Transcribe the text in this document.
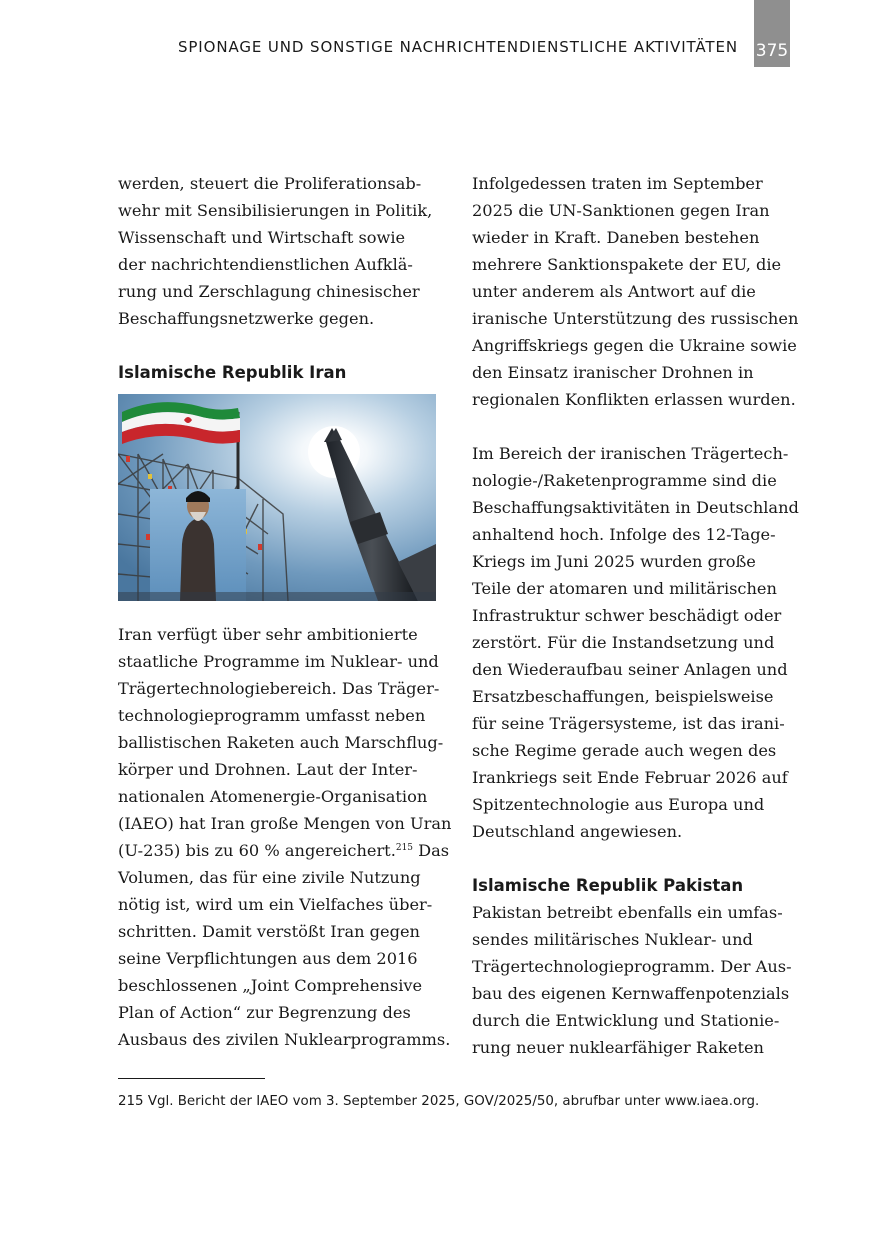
SPIONAGE UND SONSTIGE NACHRICHTENDIENSTLICHE AKTIVITÄTEN 375
werden, steuert die Proliferationsab-
wehr mit Sensibilisierungen in Politik,
Wissenschaft und Wirtschaft sowie
der nachrichtendienstlichen Aufklä-
rung und Zerschlagung chinesischer
Beschaffungsnetzwerke gegen.
Islamische Republik Iran
Iran verfügt über sehr ambitionierte
staatliche Programme im Nuklear- und
Trägertechnologiebereich. Das Träger-
technologieprogramm umfasst neben
ballistischen Raketen auch Marschflug-
körper und Drohnen. Laut der Inter-
nationalen Atomenergie-Organisation
(IAEO) hat Iran große Mengen von Uran
(U-235) bis zu 60 % angereichert.$^{215}$ Das
Volumen, das für eine zivile Nutzung
nötig ist, wird um ein Vielfaches über-
schritten. Damit verstößt Iran gegen
seine Verpflichtungen aus dem 2016
beschlossenen „Joint Comprehensive
Plan of Action“ zur Begrenzung des
Ausbaus des zivilen Nuklearprogramms.
Infolgedessen traten im September
2025 die UN-Sanktionen gegen Iran
wieder in Kraft. Daneben bestehen
mehrere Sanktionspakete der EU, die
unter anderem als Antwort auf die
iranische Unterstützung des russischen
Angriffskriegs gegen die Ukraine sowie
den Einsatz iranischer Drohnen in
regionalen Konflikten erlassen wurden.
Im Bereich der iranischen Trägertech-
nologie-/Raketenprogramme sind die
Beschaffungsaktivitäten in Deutschland
anhaltend hoch. Infolge des 12-Tage-
Kriegs im Juni 2025 wurden große
Teile der atomaren und militärischen
Infrastruktur schwer beschädigt oder
zerstört. Für die Instandsetzung und
den Wiederaufbau seiner Anlagen und
Ersatzbeschaffungen, beispielsweise
für seine Trägersysteme, ist das irani-
sche Regime gerade auch wegen des
Irankriegs seit Ende Februar 2026 auf
Spitzentechnologie aus Europa und
Deutschland angewiesen.
Islamische Republik Pakistan
Pakistan betreibt ebenfalls ein umfas-
sendes militärisches Nuklear- und
Trägertechnologieprogramm. Der Aus-
bau des eigenen Kernwaffenpotenzials
durch die Entwicklung und Stationie-
rung neuer nuklearfähiger Raketen
215 Vgl. Bericht der IAEO vom 3. September 2025, GOV/2025/50, abrufbar unter www.iaea.org.
